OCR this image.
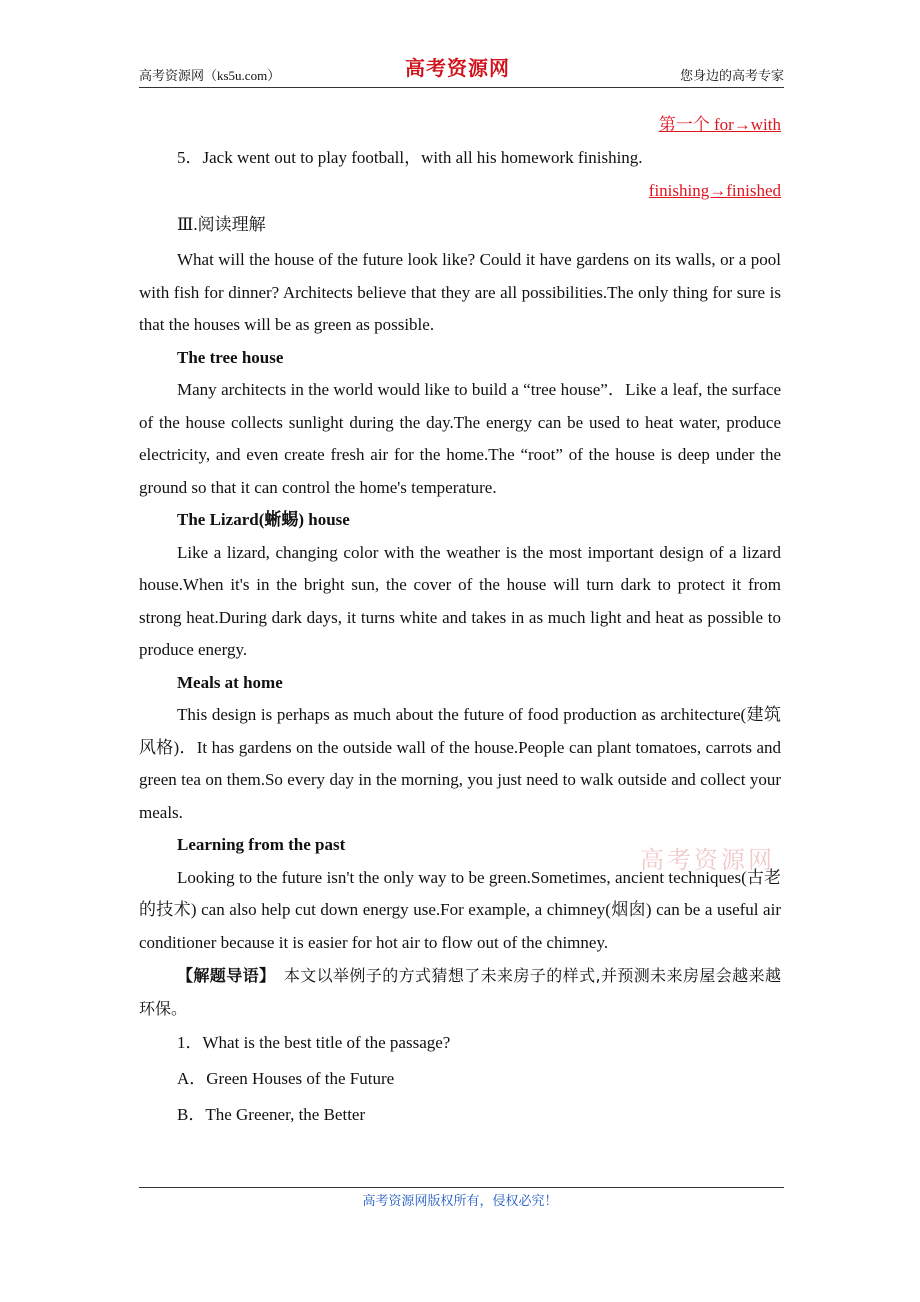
高考资源网（ks5u.com）	高考资源网	您身边的高考专家
第一个 for→with

5．Jack went out to play football，with all his homework finishing.

finishing→finished

Ⅲ.阅读理解

What will the house of the future look like? Could it have gardens on its walls, or a pool with fish for dinner? Architects believe that they are all possibilities.The only thing for sure is that the houses will be as green as possible.

The tree house

Many architects in the world would like to build a “tree house”．Like a leaf, the surface of the house collects sunlight during the day.The energy can be used to heat water, produce electricity, and even create fresh air for the home.The “root” of the house is deep under the ground so that it can control the home's temperature.

The Lizard(蜥蜴) house

Like a lizard, changing color with the weather is the most important design of a lizard house.When it's in the bright sun, the cover of the house will turn dark to protect it from strong heat.During dark days, it turns white and takes in as much light and heat as possible to produce energy.

Meals at home

This design is perhaps as much about the future of food production as architecture(建筑风格)．It has gardens on the outside wall of the house.People can plant tomatoes, carrots and green tea on them.So every day in the morning, you just need to walk outside and collect your meals.

Learning from the past

Looking to the future isn't the only way to be green.Sometimes, ancient techniques(古老的技术) can also help cut down energy use.For example, a chimney(烟囱) can be a useful air conditioner because it is easier for hot air to flow out of the chimney.

【解题导语】　本文以举例子的方式猜想了未来房子的样式,并预测未来房屋会越来越环保。

1．What is the best title of the passage?

A．Green Houses of the Future

B．The Greener, the Better

高考资源网
高考资源网版权所有，侵权必究！
